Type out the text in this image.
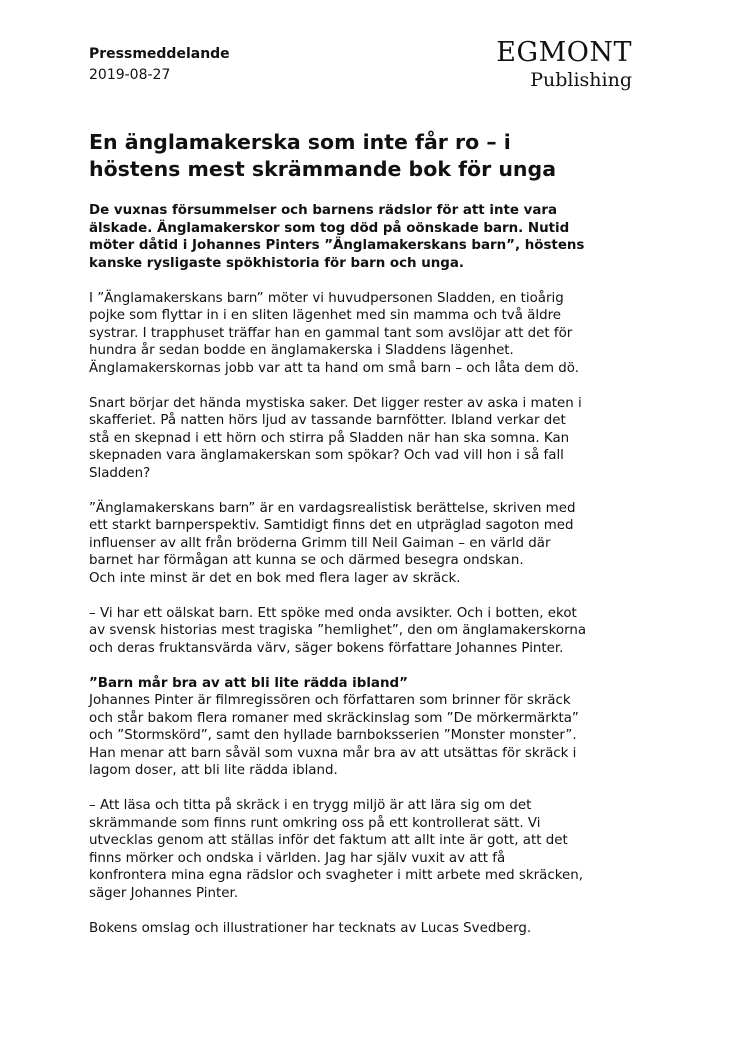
Pressmeddelande

2019-08-27

EGMONT
Publishing
En änglamakerska som inte får ro – i
höstens mest skrämmande bok för unga

De vuxnas försummelser och barnens rädslor för att inte vara
älskade. Änglamakerskor som tog död på oönskade barn. Nutid
möter dåtid i Johannes Pinters ”Änglamakerskans barn”, höstens
kanske rysligaste spökhistoria för barn och unga.

I ”Änglamakerskans barn” möter vi huvudpersonen Sladden, en tioårig
pojke som flyttar in i en sliten lägenhet med sin mamma och två äldre
systrar. I trapphuset träffar han en gammal tant som avslöjar att det för
hundra år sedan bodde en änglamakerska i Sladdens lägenhet.
Änglamakerskornas jobb var att ta hand om små barn – och låta dem dö.

Snart börjar det hända mystiska saker. Det ligger rester av aska i maten i
skafferiet. På natten hörs ljud av tassande barnfötter. Ibland verkar det
stå en skepnad i ett hörn och stirra på Sladden när han ska somna. Kan
skepnaden vara änglamakerskan som spökar? Och vad vill hon i så fall
Sladden?

”Änglamakerskans barn” är en vardagsrealistisk berättelse, skriven med
ett starkt barnperspektiv. Samtidigt finns det en utpräglad sagoton med
influenser av allt från bröderna Grimm till Neil Gaiman – en värld där
barnet har förmågan att kunna se och därmed besegra ondskan.
Och inte minst är det en bok med flera lager av skräck.

– Vi har ett oälskat barn. Ett spöke med onda avsikter. Och i botten, ekot
av svensk historias mest tragiska ”hemlighet”, den om änglamakerskorna
och deras fruktansvärda värv, säger bokens författare Johannes Pinter.

”Barn mår bra av att bli lite rädda ibland”

Johannes Pinter är filmregissören och författaren som brinner för skräck
och står bakom flera romaner med skräckinslag som ”De mörkermärkta”
och ”Stormskörd”, samt den hyllade barnboksserien ”Monster monster”.
Han menar att barn såväl som vuxna mår bra av att utsättas för skräck i
lagom doser, att bli lite rädda ibland.

– Att läsa och titta på skräck i en trygg miljö är att lära sig om det
skrämmande som finns runt omkring oss på ett kontrollerat sätt. Vi
utvecklas genom att ställas inför det faktum att allt inte är gott, att det
finns mörker och ondska i världen. Jag har själv vuxit av att få
konfrontera mina egna rädslor och svagheter i mitt arbete med skräcken,
säger Johannes Pinter.

Bokens omslag och illustrationer har tecknats av Lucas Svedberg.
